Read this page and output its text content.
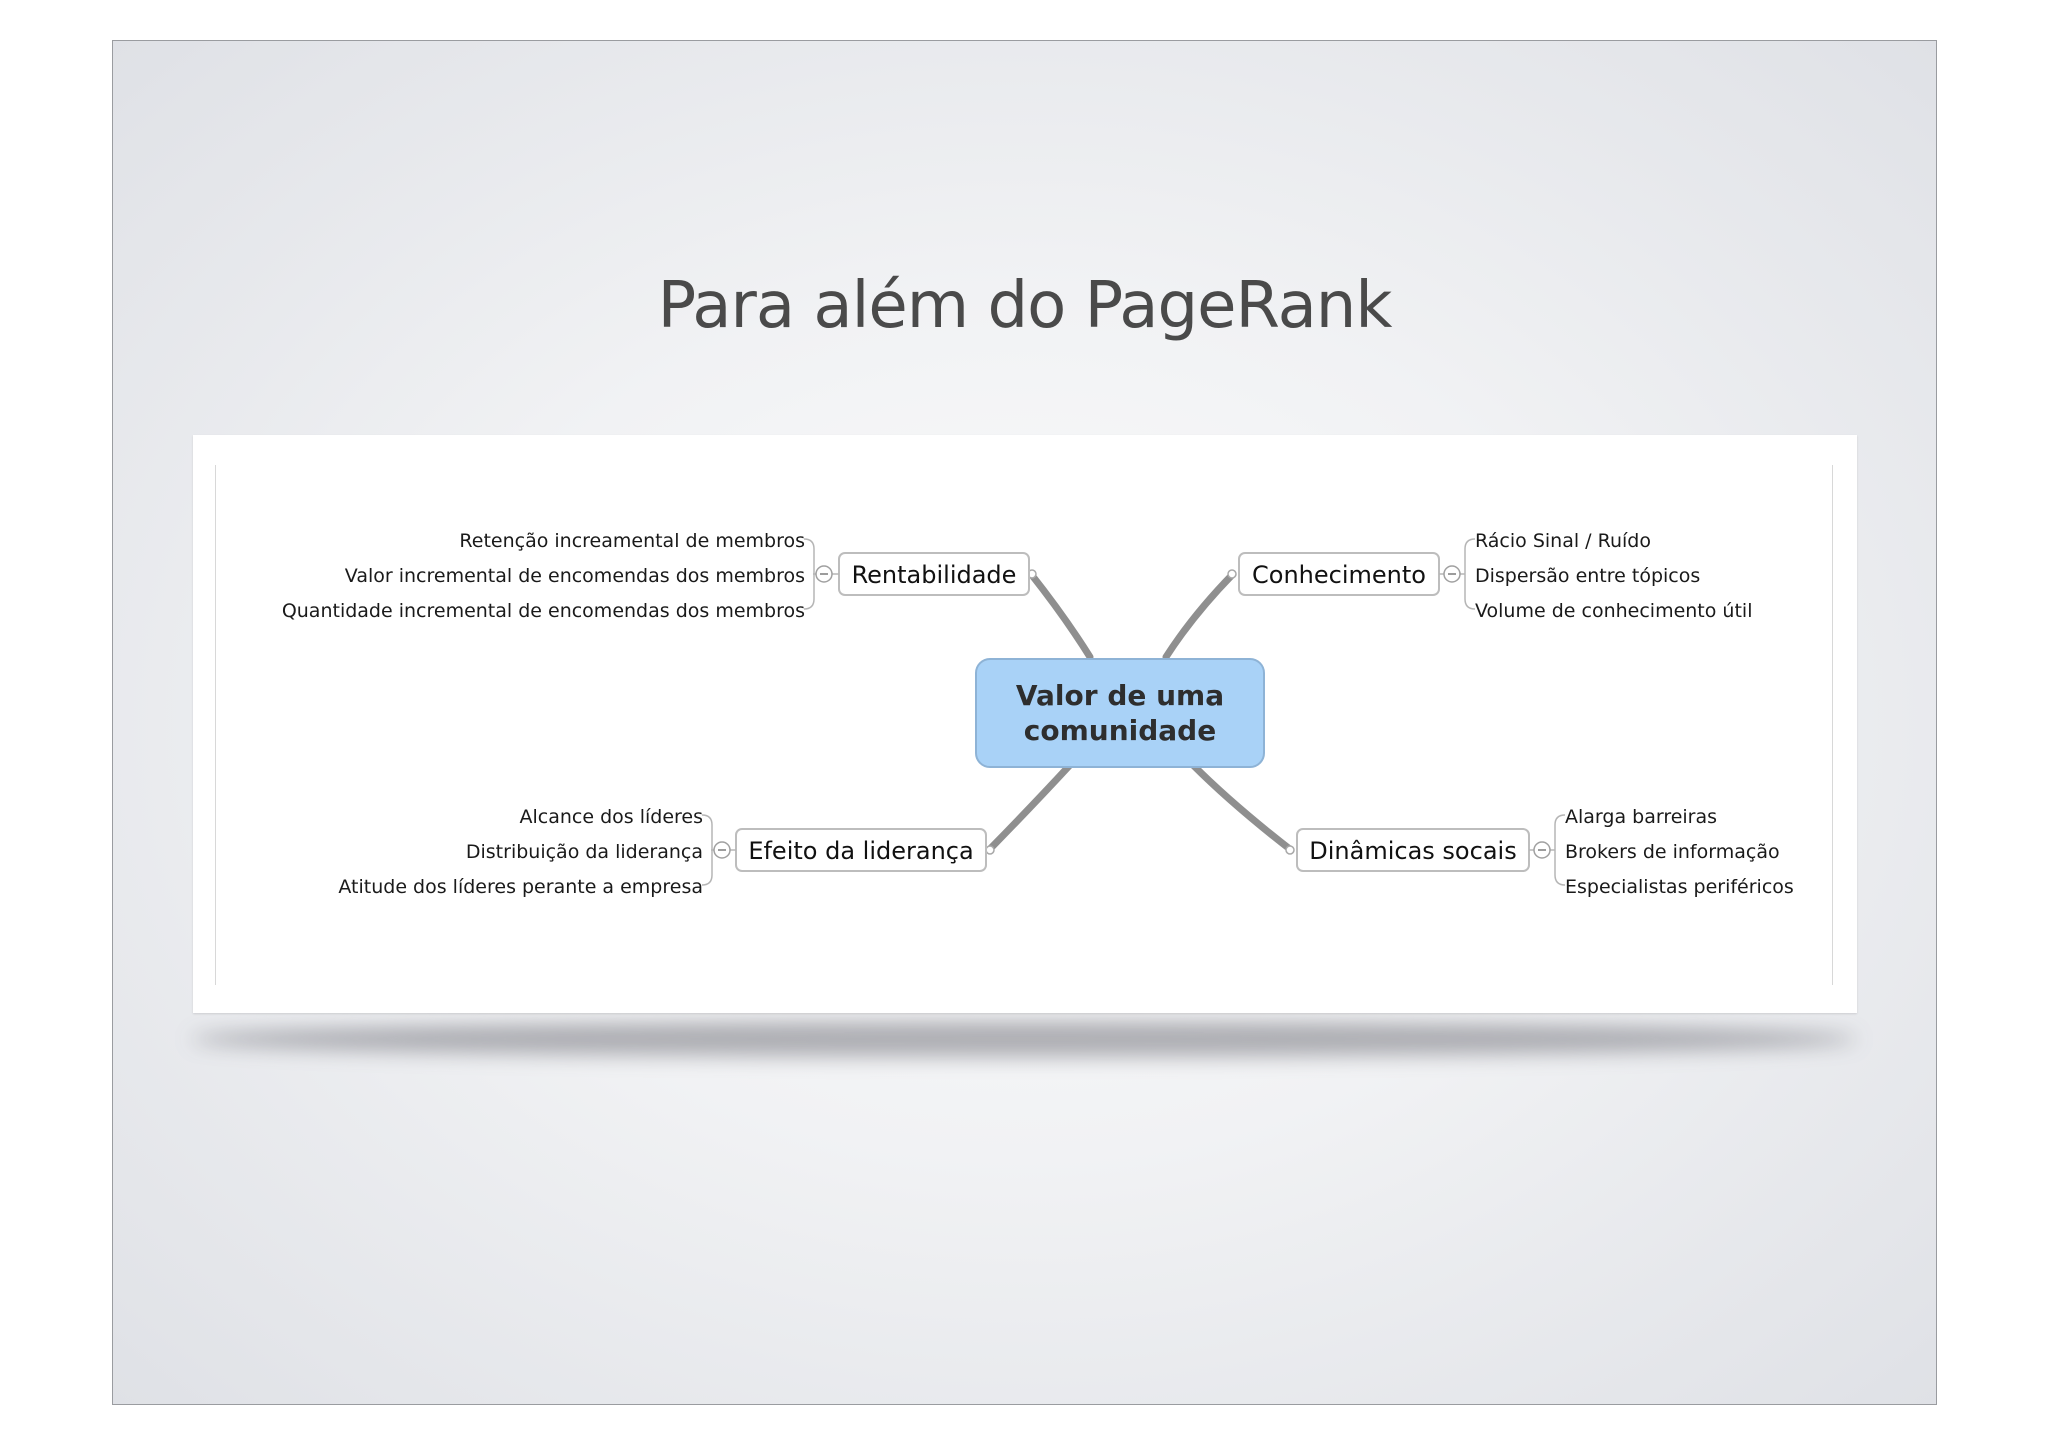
Para além do PageRank
Valor de uma
comunidade
Rentabilidade
Retenção increamental de membros
Valor incremental de encomendas dos membros
Quantidade incremental de encomendas dos membros
Conhecimento
Rácio Sinal / Ruído
Dispersão entre tópicos
Volume de conhecimento útil
Efeito da liderança
Alcance dos líderes
Distribuição da liderança
Atitude dos líderes perante a empresa
Dinâmicas socais
Alarga barreiras
Brokers de informação
Especialistas periféricos
